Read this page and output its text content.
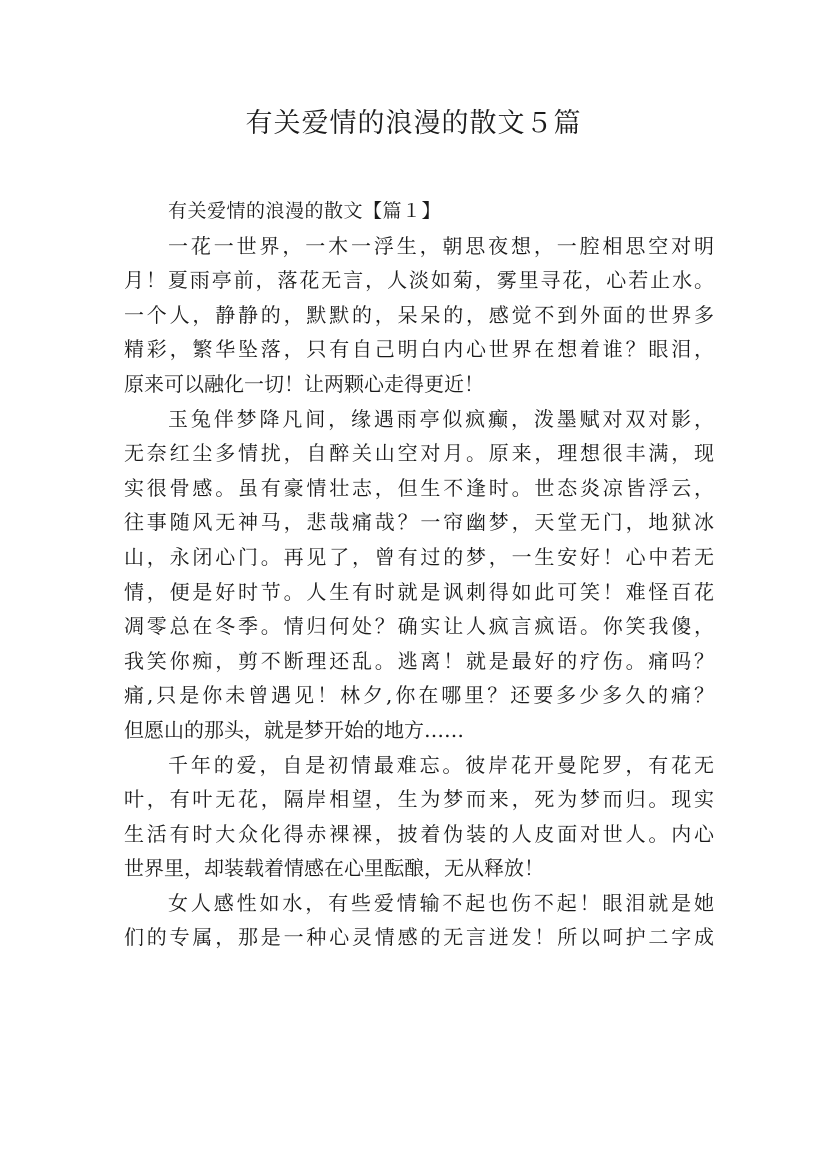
有关爱情的浪漫的散文５篇
有关爱情的浪漫的散文【篇１】
一花一世界，一木一浮生，朝思夜想，一腔相思空对明
月！夏雨亭前，落花无言，人淡如菊，雾里寻花，心若止水。
一个人，静静的，默默的，呆呆的，感觉不到外面的世界多
精彩，繁华坠落，只有自己明白内心世界在想着谁？眼泪，
原来可以融化一切！让两颗心走得更近！
玉兔伴梦降凡间，缘遇雨亭似疯癫，泼墨赋对双对影，
无奈红尘多情扰，自醉关山空对月。原来，理想很丰满，现
实很骨感。虽有豪情壮志，但生不逢时。世态炎凉皆浮云，
往事随风无神马，悲哉痛哉？一帘幽梦，天堂无门，地狱冰
山，永闭心门。再见了，曾有过的梦，一生安好！心中若无
情，便是好时节。人生有时就是讽刺得如此可笑！难怪百花
凋零总在冬季。情归何处？确实让人疯言疯语。你笑我傻，
我笑你痴，剪不断理还乱。逃离！就是最好的疗伤。痛吗？
痛,只是你未曾遇见！林夕,你在哪里？还要多少多久的痛？
但愿山的那头，就是梦开始的地方……
千年的爱，自是初情最难忘。彼岸花开曼陀罗，有花无
叶，有叶无花，隔岸相望，生为梦而来，死为梦而归。现实
生活有时大众化得赤裸裸，披着伪装的人皮面对世人。内心
世界里，却装载着情感在心里酝酿，无从释放！
女人感性如水，有些爱情输不起也伤不起！眼泪就是她
们的专属，那是一种心灵情感的无言迸发！所以呵护二字成
